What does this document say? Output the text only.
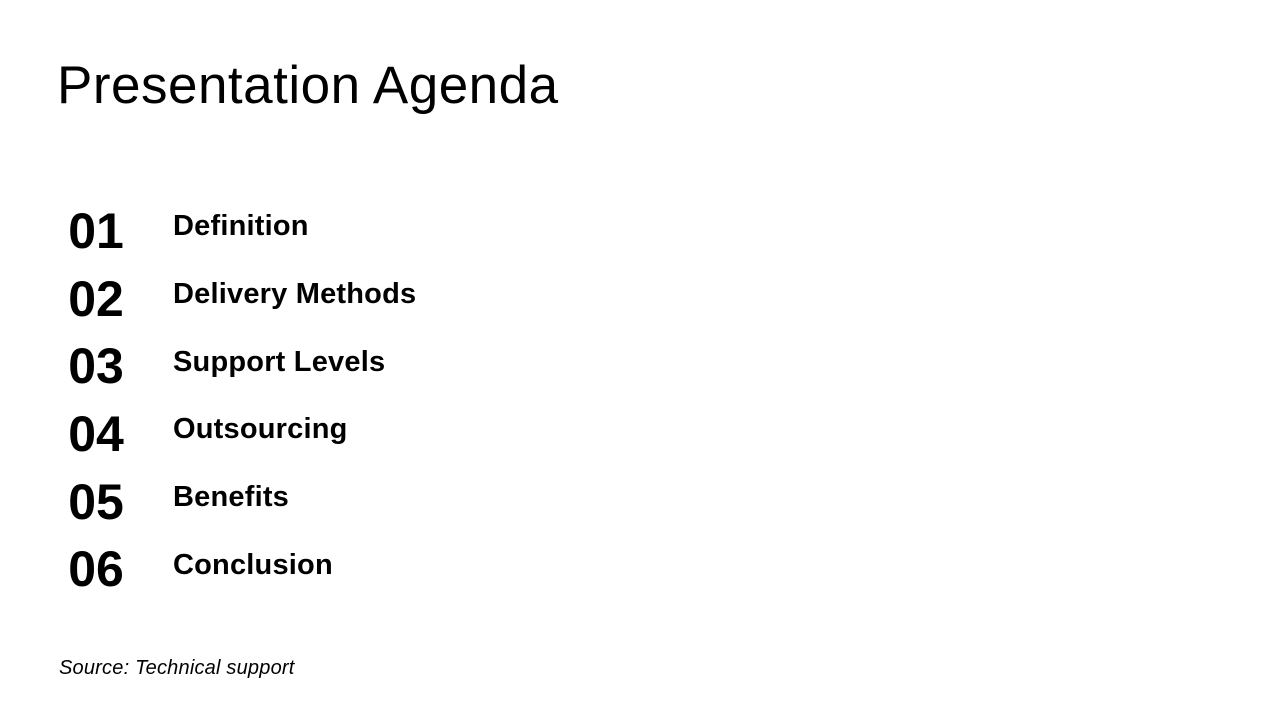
Presentation Agenda
01	Definition
02	Delivery Methods
03	Support Levels
04	Outsourcing
05	Benefits
06	Conclusion
Source: Technical support
